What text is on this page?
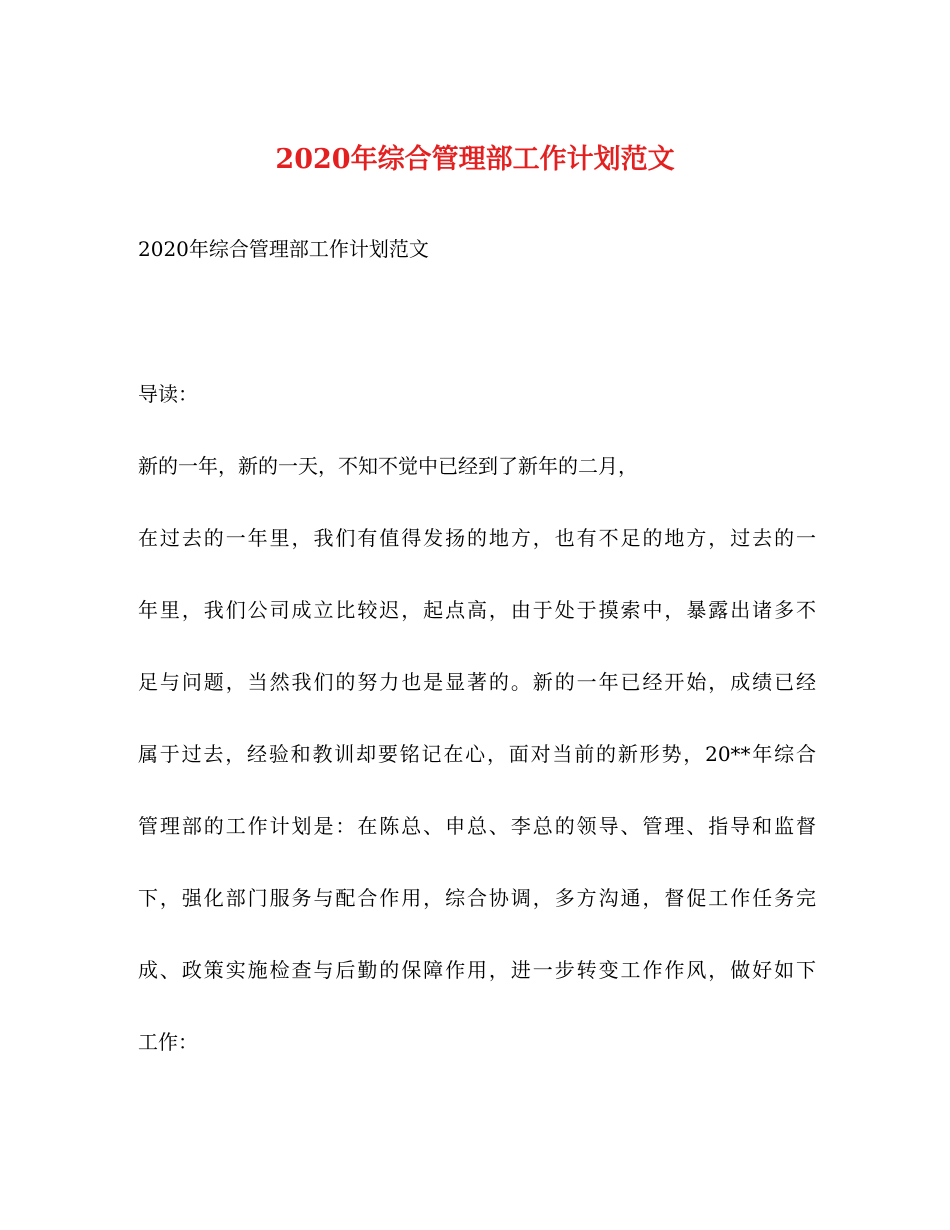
2020年综合管理部工作计划范文
2020年综合管理部工作计划范文
导读：
新的一年，新的一天，不知不觉中已经到了新年的二月，
在过去的一年里，我们有值得发扬的地方，也有不足的地方，过去的一
年里，我们公司成立比较迟，起点高，由于处于摸索中，暴露出诸多不
足与问题，当然我们的努力也是显著的。新的一年已经开始，成绩已经
属于过去，经验和教训却要铭记在心，面对当前的新形势，20**年综合
管理部的工作计划是：在陈总、申总、李总的领导、管理、指导和监督
下，强化部门服务与配合作用，综合协调，多方沟通，督促工作任务完
成、政策实施检查与后勤的保障作用，进一步转变工作作风，做好如下
工作：
